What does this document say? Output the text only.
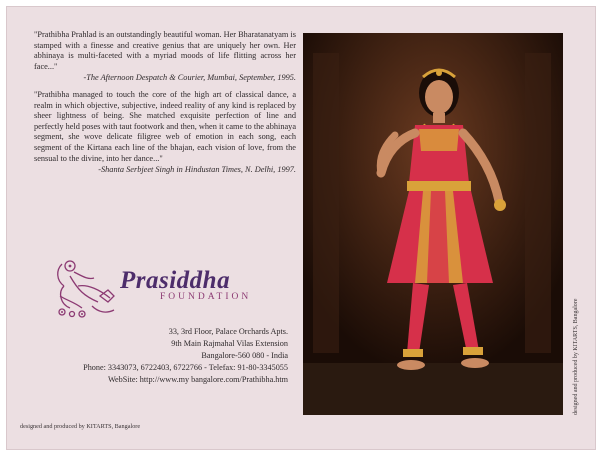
"Prathibha Prahlad is an outstandingly beautiful woman. Her Bharatanatyam is stamped with a finesse and creative genius that are uniquely her own. Her abhinaya is multi-faceted with a myriad moods of life flitting across her face..."

-The Afternoon Despatch & Courier, Mumbai, September, 1995.

"Prathibha managed to touch the core of the high art of classical dance, a realm in which objective, subjective, indeed reality of any kind is replaced by sheer lightness of being. She matched exquisite perfection of line and perfectly held poses with taut footwork and then, when it came to the abhinaya segment, she wove delicate filigree web of emotion in each song, each segment of the Kirtana each line of the bhajan, each vision of love, from the sensual to the divine, into her dance..."

-Shanta Serbjeet Singh in Hindustan Times, N. Delhi, 1997.

Prasiddha
FOUNDATION
33, 3rd Floor, Palace Orchards Apts.
9th Main Rajmahal Vilas Extension
Bangalore-560 080 - India
Phone: 3343073, 6722403, 6722766 - Telefax: 91-80-3345055
WebSite: http://www.my bangalore.com/Prathibha.htm
designed and produced by KITARTS, Bangalore
designed and produced by KITARTS, Bangalore
